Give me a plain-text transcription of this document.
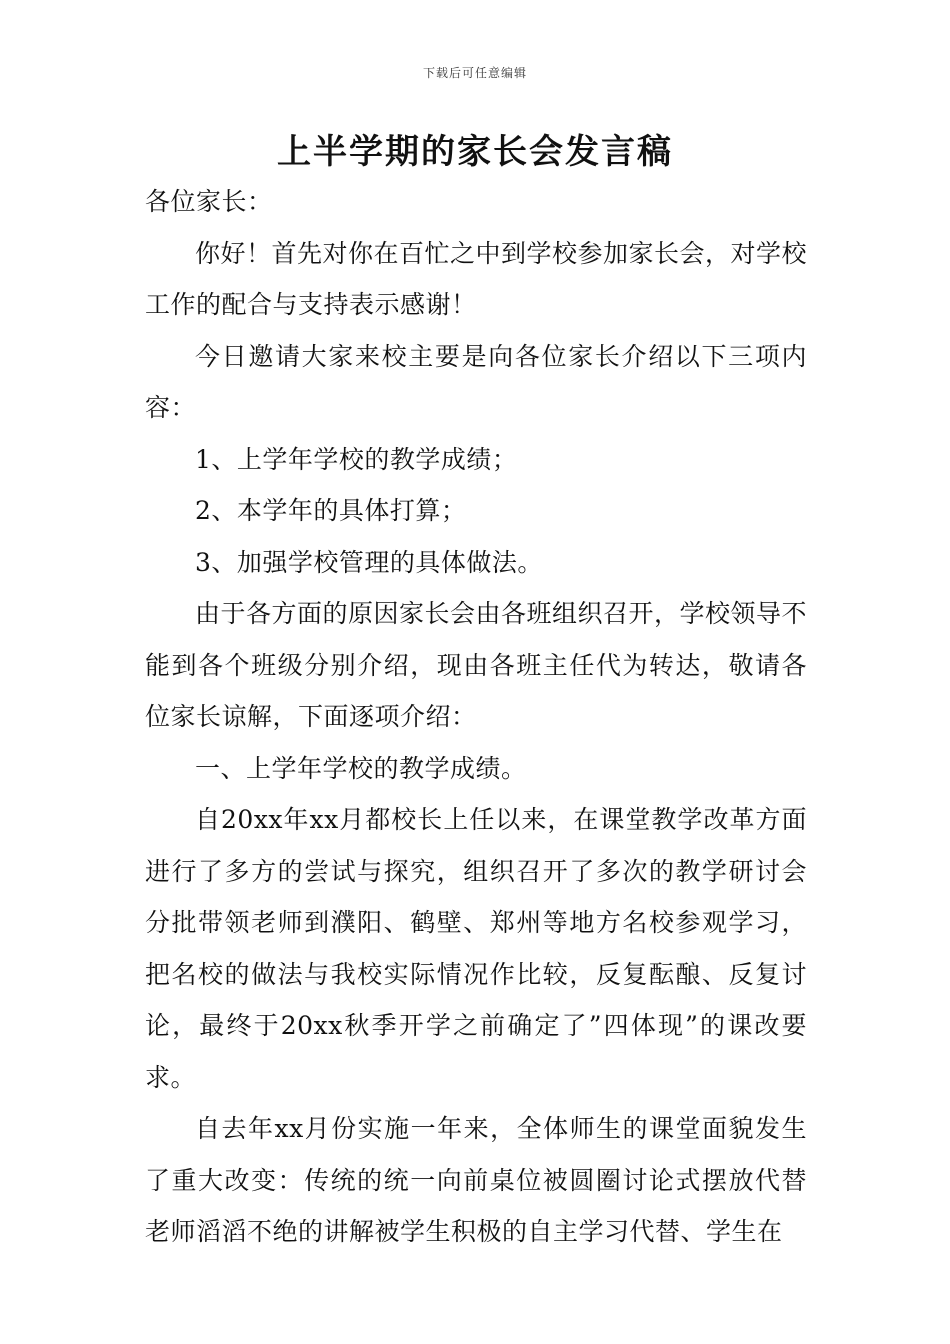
下载后可任意编辑
上半学期的家长会发言稿

各位家长：

你好！首先对你在百忙之中到学校参加家长会，对学校工作的配合与支持表示感谢！

今日邀请大家来校主要是向各位家长介绍以下三项内容：

1、上学年学校的教学成绩；

2、本学年的具体打算；

3、加强学校管理的具体做法。

由于各方面的原因家长会由各班组织召开，学校领导不能到各个班级分别介绍，现由各班主任代为转达，敬请各位家长谅解，下面逐项介绍：

一、上学年学校的教学成绩。

自20xx年xx月都校长上任以来，在课堂教学改革方面进行了多方的尝试与探究，组织召开了多次的教学研讨会分批带领老师到濮阳、鹤壁、郑州等地方名校参观学习，把名校的做法与我校实际情况作比较，反复酝酿、反复讨论，最终于20xx秋季开学之前确定了”四体现”的课改要求。

自去年xx月份实施一年来，全体师生的课堂面貌发生了重大改变：传统的统一向前桌位被圆圈讨论式摆放代替老师滔滔不绝的讲解被学生积极的自主学习代替、学生在
